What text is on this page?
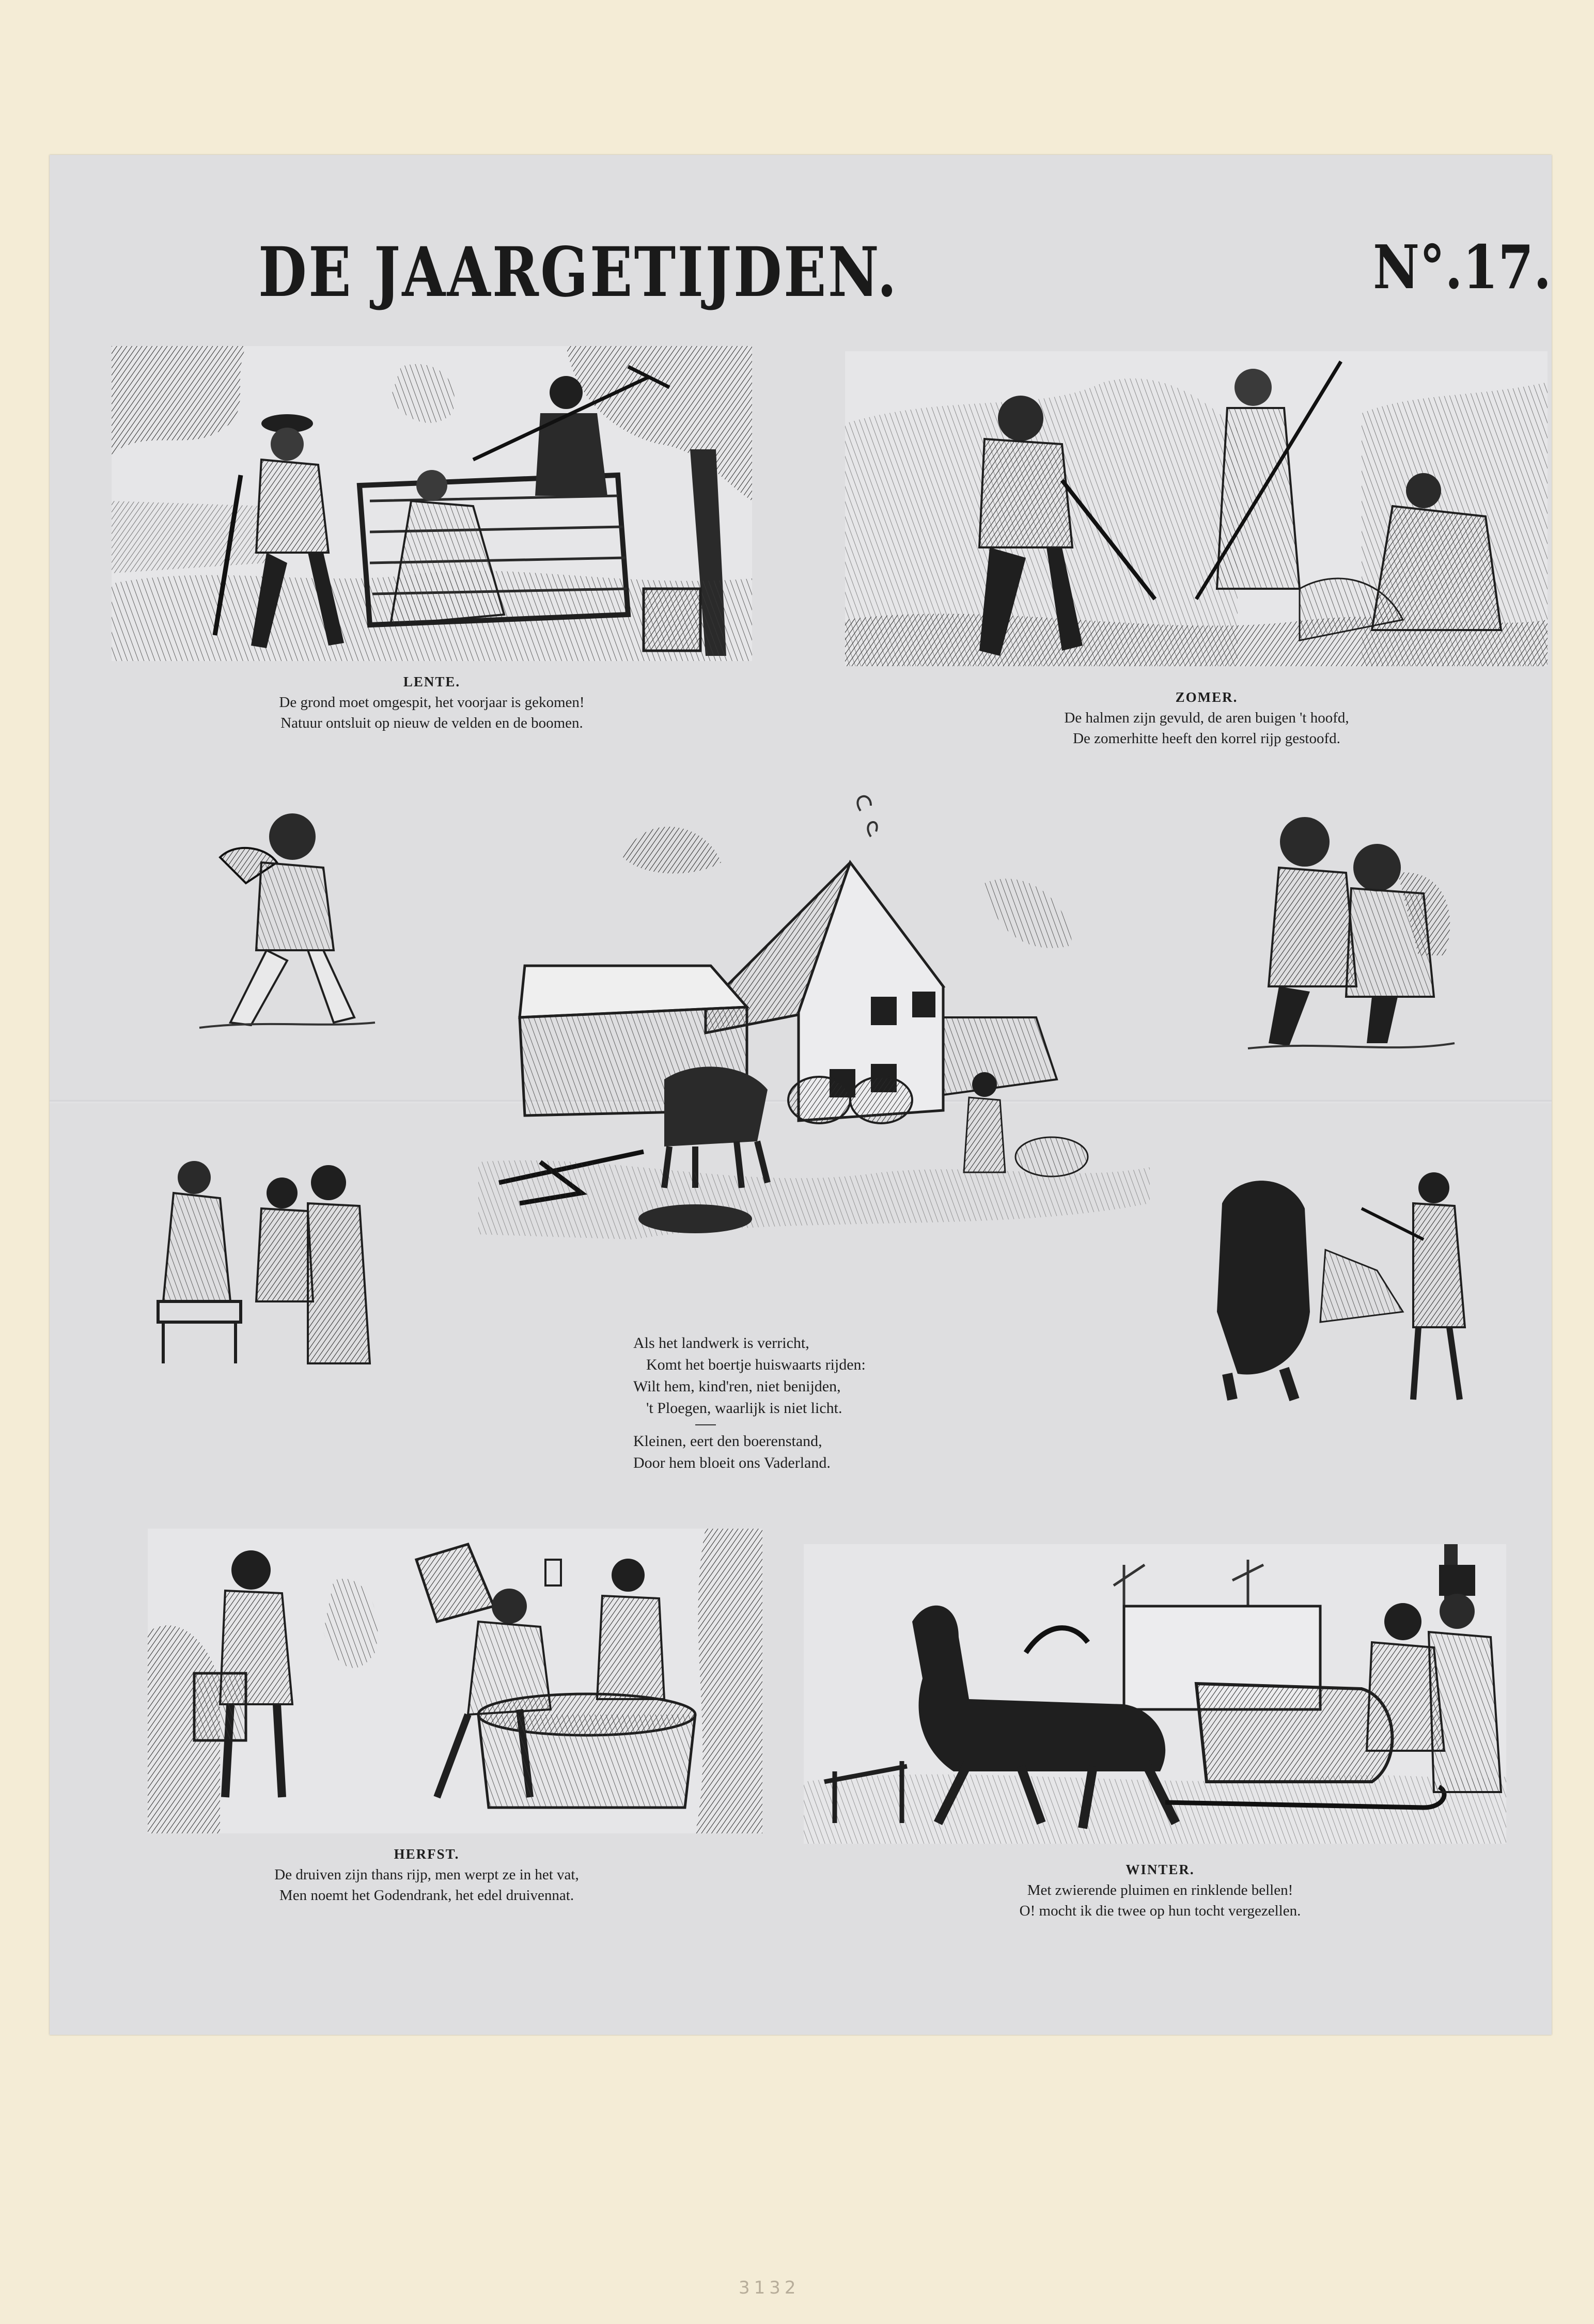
DE JAARGETIJDEN.	N°.17.
LENTE.
De grond moet omgespit, het voorjaar is gekomen!
Natuur ontsluit op nieuw de velden en de boomen.
ZOMER.
De halmen zijn gevuld, de aren buigen 't hoofd,
De zomerhitte heeft den korrel rijp gestoofd.
Als het landwerk is verricht,
Komt het boertje huiswaarts rijden:
Wilt hem, kind'ren, niet benijden,
't Ploegen, waarlijk is niet licht.
Kleinen, eert den boerenstand,
Door hem bloeit ons Vaderland.
HERFST.
De druiven zijn thans rijp, men werpt ze in het vat,
Men noemt het Godendrank, het edel druivennat.
WINTER.
Met zwierende pluimen en rinklende bellen!
O! mocht ik die twee op hun tocht vergezellen.
3132
